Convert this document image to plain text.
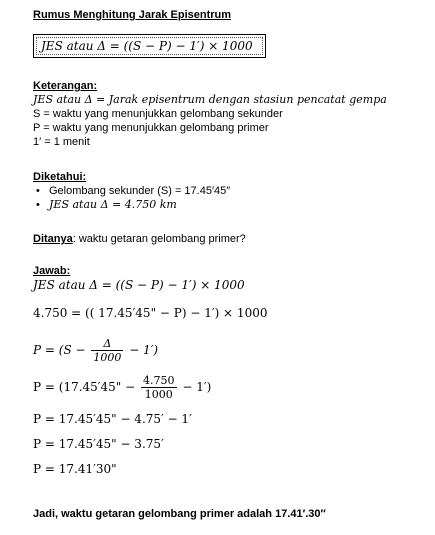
Rumus Menghitung Jarak Episentrum
JES atau Δ = ((S − P) − 1′) × 1000
Keterangan:
JES atau Δ = Jarak episentrum dengan stasiun pencatat gempa
S = waktu yang menunjukkan gelombang sekunder
P = waktu yang menunjukkan gelombang primer
1′ = 1 menit
Diketahui:
• Gelombang sekunder (S) = 17.45′45″
• JES atau Δ = 4.750 km
Ditanya: waktu getaran gelombang primer?
Jawab:
JES atau Δ = ((S − P) − 1′) × 1000
4.750 = (( 17.45′45" − P) − 1′) × 1000
$P = (S - \frac{\Delta}{1000} - 1')$
P = (17.45′45" − $\frac{4.750}{1000} - 1'$)
P = 17.45′45" − 4.75′ − 1′
P = 17.45′45" − 3.75′
P = 17.41′30"
Jadi, waktu getaran gelombang primer adalah 17.41′.30″
